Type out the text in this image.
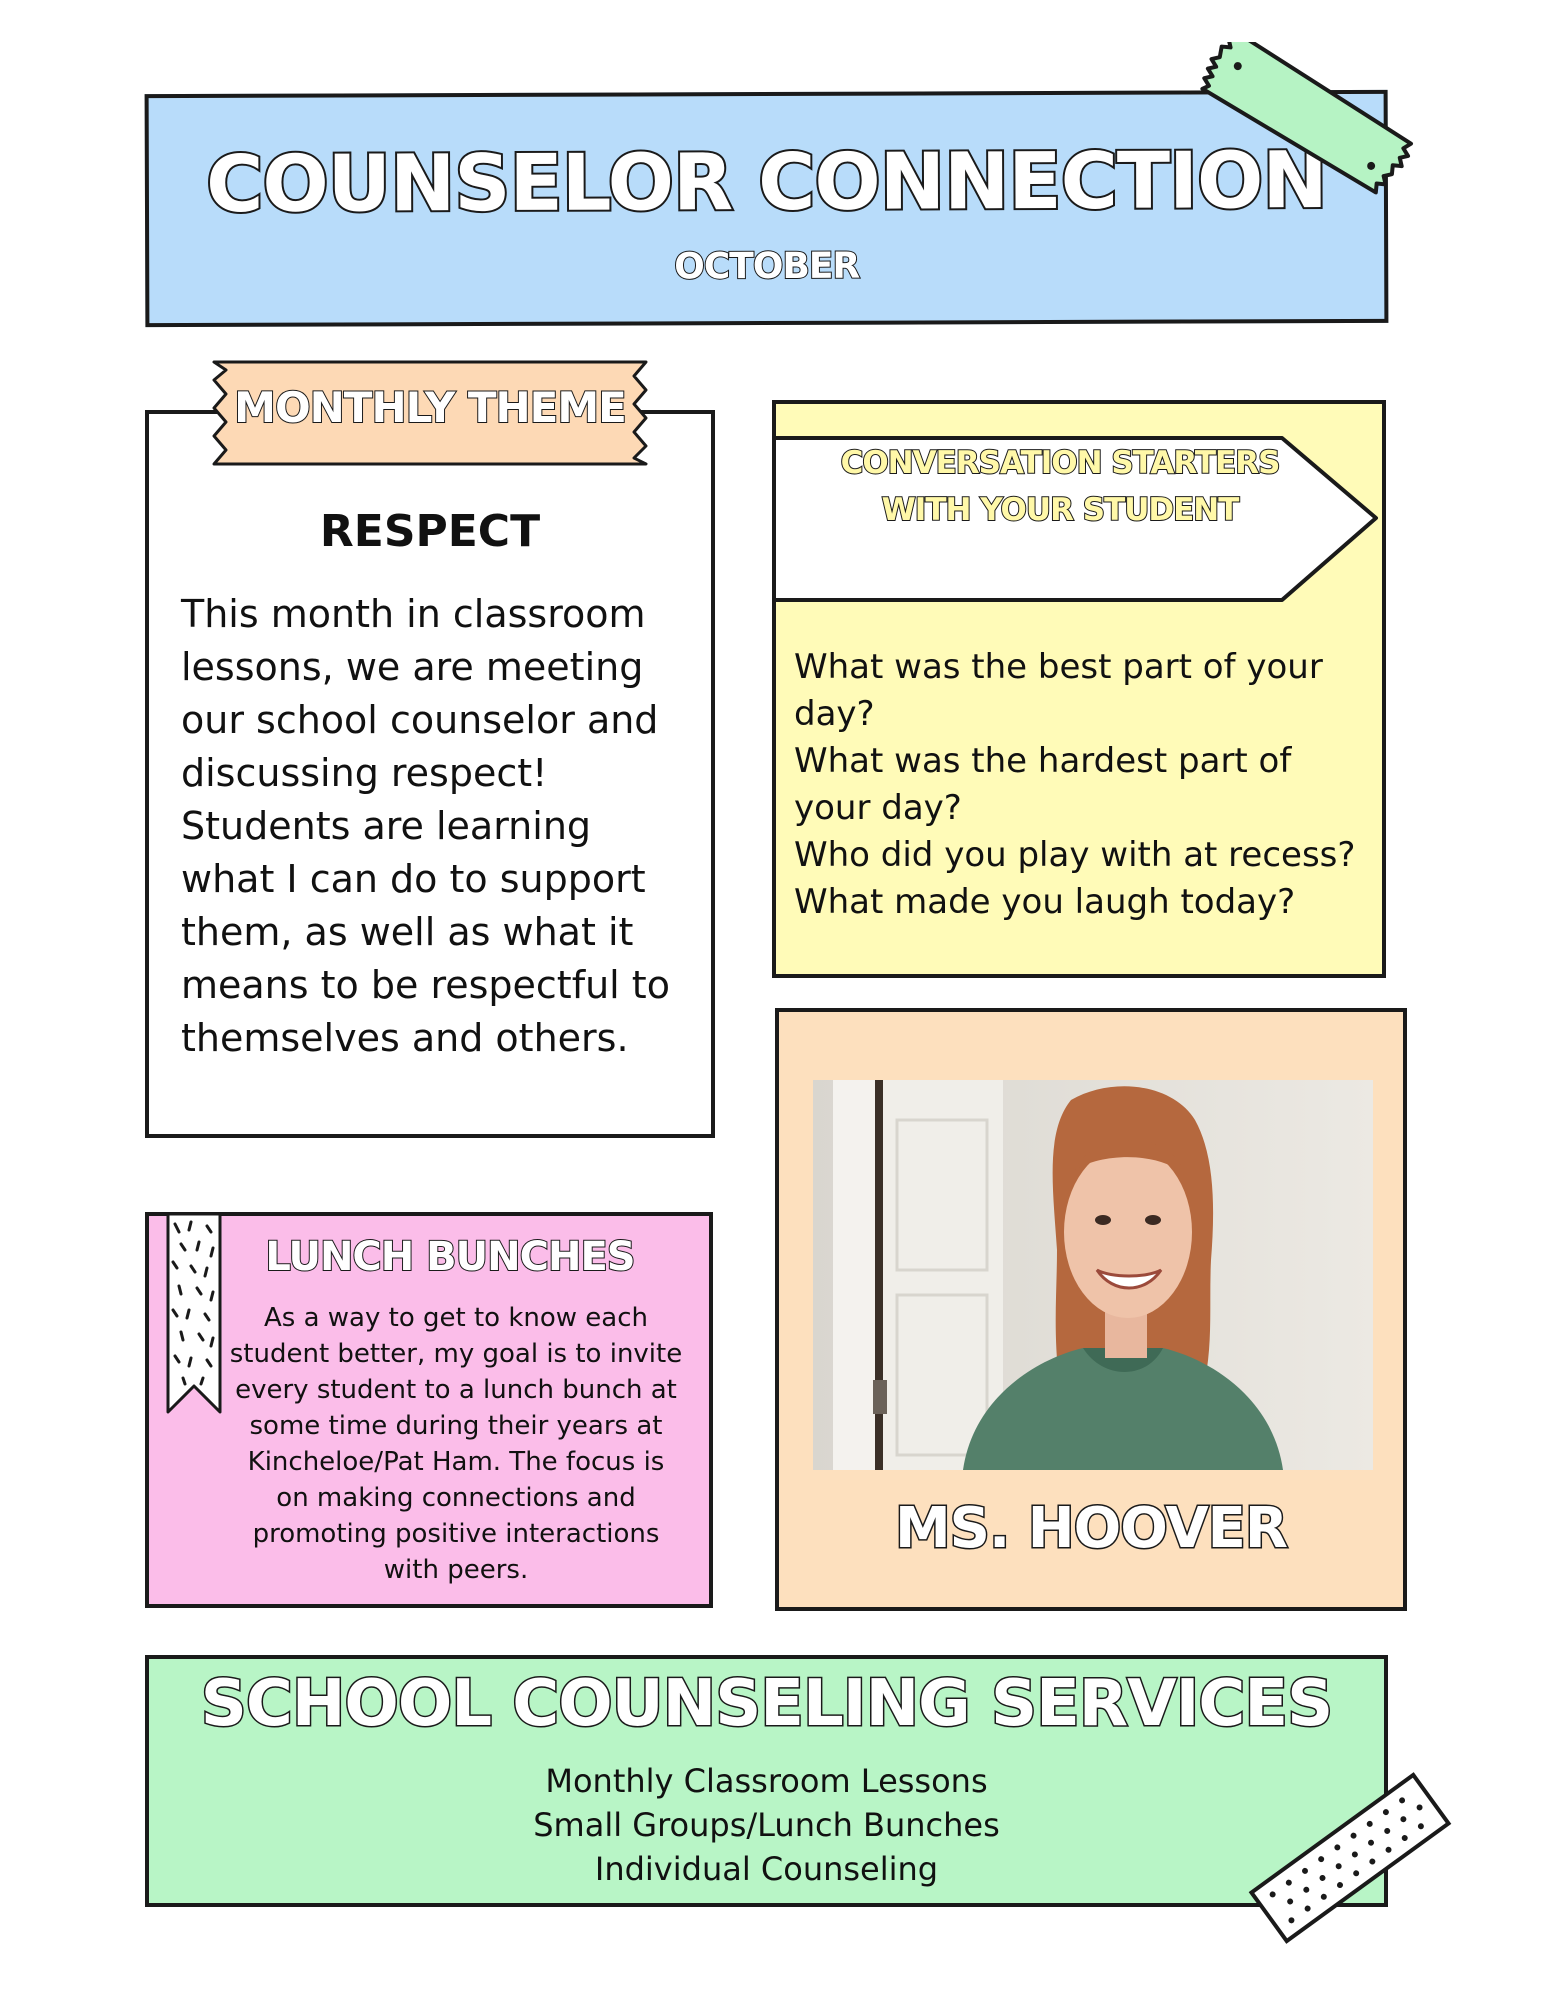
COUNSELOR CONNECTION
OCTOBER
RESPECT
This month in classroom lessons, we are meeting our school counselor and discussing respect! Students are learning what I can do to support them, as well as what it means to be respectful to themselves and others.
MONTHLY THEME
What was the best part of your day?
What was the hardest part of your day?
Who did you play with at recess?
What made you laugh today?
CONVERSATION STARTERS WITH YOUR STUDENT
LUNCH BUNCHES
As a way to get to know each student better, my goal is to invite every student to a lunch bunch at some time during their years at Kincheloe/Pat Ham. The focus is on making connections and promoting positive interactions with peers.
MS. HOOVER
SCHOOL COUNSELING SERVICES
Monthly Classroom Lessons
Small Groups/Lunch Bunches
Individual Counseling
